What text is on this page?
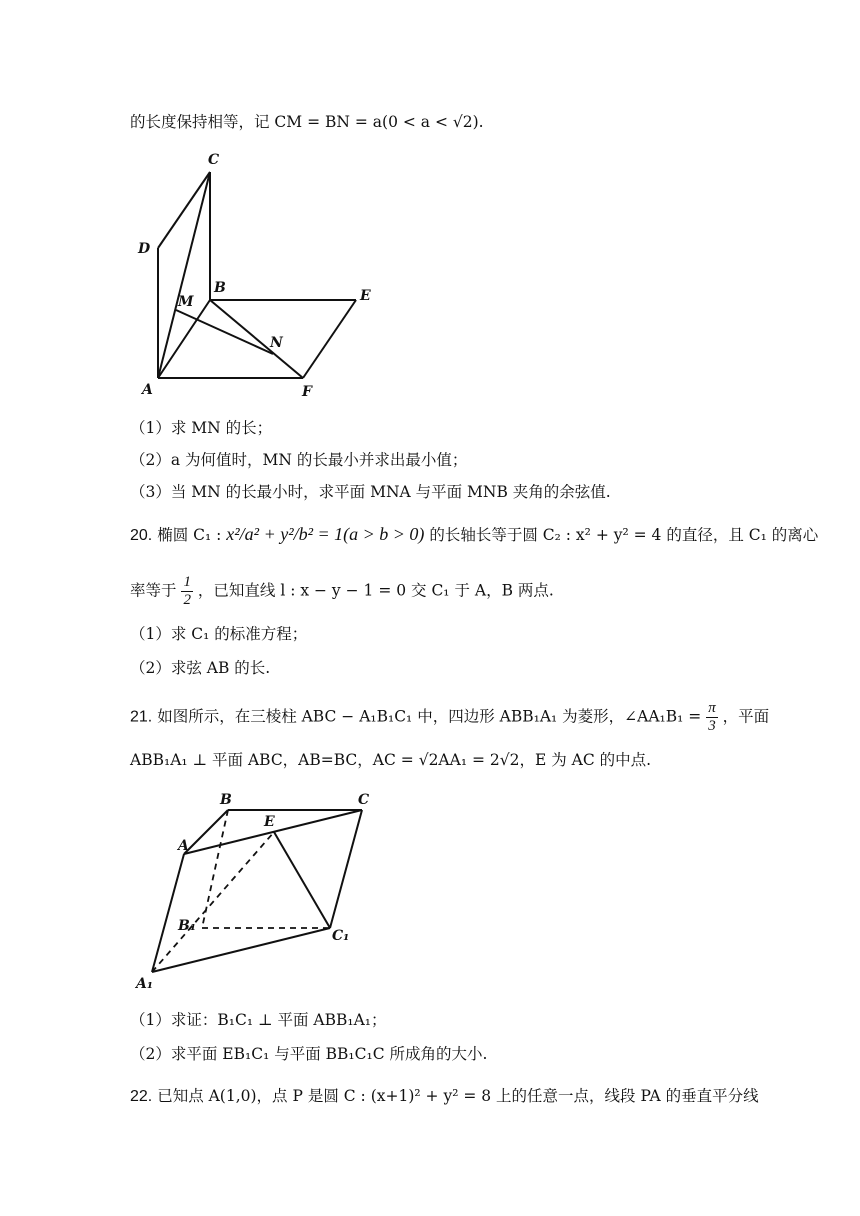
的长度保持相等，记 CM = BN = a(0 < a < √2).
C
D
B	E
M
N
A	F
（1）求 MN 的长；
（2）a 为何值时，MN 的长最小并求出最小值；
（3）当 MN 的长最小时，求平面 MNA 与平面 MNB 夹角的余弦值.
20. 椭圆 C₁ : x²/a² + y²/b² = 1(a > b > 0) 的长轴长等于圆 C₂ : x² + y² = 4 的直径，且 C₁ 的离心
率等于 $\frac{1}{2}$ ，已知直线 l : x − y − 1 = 0 交 C₁ 于 A，B 两点.
（1）求 C₁ 的标准方程；
（2）求弦 AB 的长.
21. 如图所示，在三棱柱 ABC − A₁B₁C₁ 中，四边形 ABB₁A₁ 为菱形，∠AA₁B₁ = $\frac{\pi}{3}$ ，平面
ABB₁A₁ ⊥ 平面 ABC，AB=BC，AC = √2AA₁ = 2√2，E 为 AC 的中点.
B	C
E
A
B₁
C₁
A₁
（1）求证：B₁C₁ ⊥ 平面 ABB₁A₁；
（2）求平面 EB₁C₁ 与平面 BB₁C₁C 所成角的大小.
22. 已知点 A(1,0)，点 P 是圆 C : (x+1)² + y² = 8 上的任意一点，线段 PA 的垂直平分线
